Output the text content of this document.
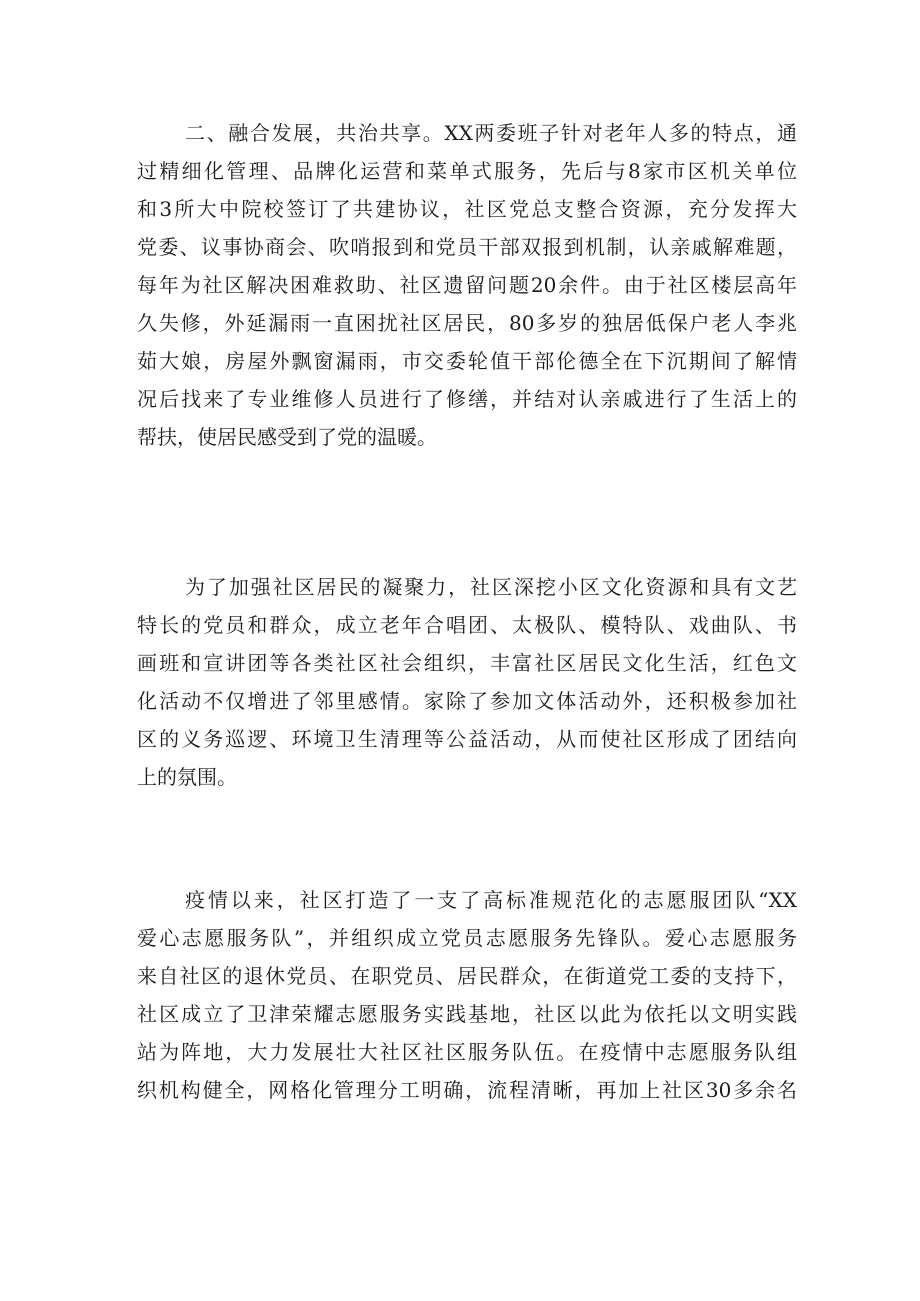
二、融合发展，共治共享。XX两委班子针对老年人多的特点，通
过精细化管理、品牌化运营和菜单式服务，先后与8家市区机关单位
和3所大中院校签订了共建协议，社区党总支整合资源，充分发挥大
党委、议事协商会、吹哨报到和党员干部双报到机制，认亲戚解难题，
每年为社区解决困难救助、社区遗留问题20余件。由于社区楼层高年
久失修，外延漏雨一直困扰社区居民，80多岁的独居低保户老人李兆
茹大娘，房屋外飘窗漏雨，市交委轮值干部伦德全在下沉期间了解情
况后找来了专业维修人员进行了修缮，并结对认亲戚进行了生活上的
帮扶，使居民感受到了党的温暖。
为了加强社区居民的凝聚力，社区深挖小区文化资源和具有文艺
特长的党员和群众，成立老年合唱团、太极队、模特队、戏曲队、书
画班和宣讲团等各类社区社会组织，丰富社区居民文化生活，红色文
化活动不仅增进了邻里感情。家除了参加文体活动外，还积极参加社
区的义务巡逻、环境卫生清理等公益活动，从而使社区形成了团结向
上的氛围。
疫情以来，社区打造了一支了高标准规范化的志愿服团队“XX
爱心志愿服务队”，并组织成立党员志愿服务先锋队。爱心志愿服务
来自社区的退休党员、在职党员、居民群众，在街道党工委的支持下，
社区成立了卫津荣耀志愿服务实践基地，社区以此为依托以文明实践
站为阵地，大力发展壮大社区社区服务队伍。在疫情中志愿服务队组
织机构健全，网格化管理分工明确，流程清晰，再加上社区30多余名
